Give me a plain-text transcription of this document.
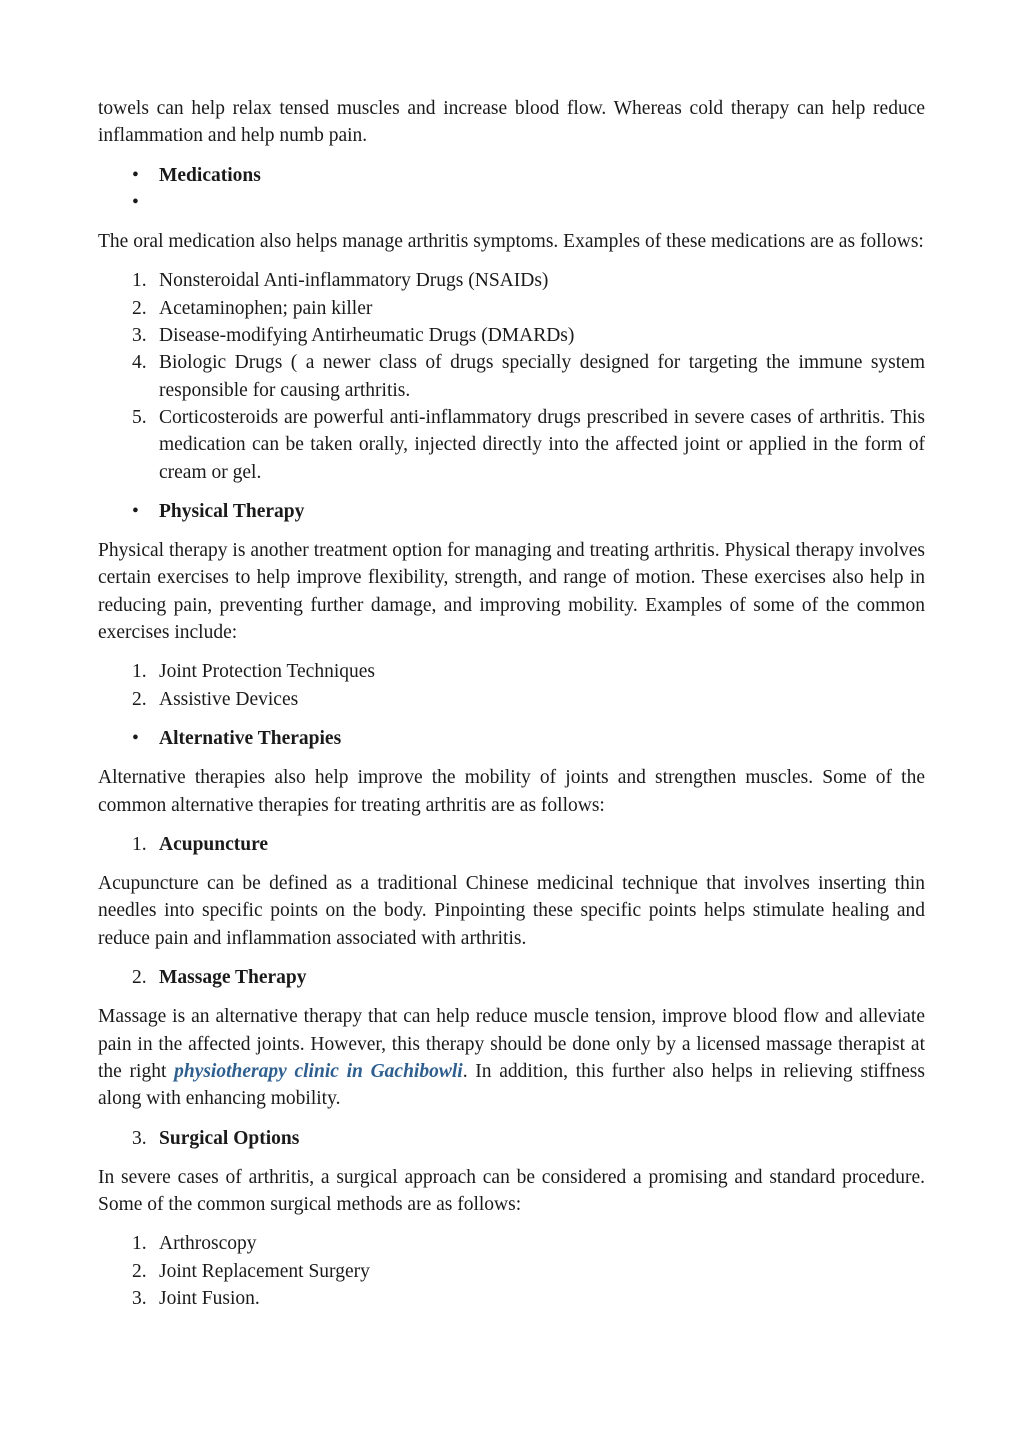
towels can help relax tensed muscles and increase blood flow. Whereas cold therapy can help reduce inflammation and help numb pain.

• Medications
•

The oral medication also helps manage arthritis symptoms. Examples of these medications are as follows:

1. Nonsteroidal Anti-inflammatory Drugs (NSAIDs)
2. Acetaminophen; pain killer
3. Disease-modifying Antirheumatic Drugs (DMARDs)
4. Biologic Drugs ( a newer class of drugs specially designed for targeting the immune system responsible for causing arthritis.
5. Corticosteroids are powerful anti-inflammatory drugs prescribed in severe cases of arthritis. This medication can be taken orally, injected directly into the affected joint or applied in the form of cream or gel.
• Physical Therapy

Physical therapy is another treatment option for managing and treating arthritis. Physical therapy involves certain exercises to help improve flexibility, strength, and range of motion. These exercises also help in reducing pain, preventing further damage, and improving mobility. Examples of some of the common exercises include:

1. Joint Protection Techniques
2. Assistive Devices
• Alternative Therapies

Alternative therapies also help improve the mobility of joints and strengthen muscles. Some of the common alternative therapies for treating arthritis are as follows:

1. Acupuncture

Acupuncture can be defined as a traditional Chinese medicinal technique that involves inserting thin needles into specific points on the body. Pinpointing these specific points helps stimulate healing and reduce pain and inflammation associated with arthritis.

2. Massage Therapy

Massage is an alternative therapy that can help reduce muscle tension, improve blood flow and alleviate pain in the affected joints. However, this therapy should be done only by a licensed massage therapist at the right physiotherapy clinic in Gachibowli. In addition, this further also helps in relieving stiffness along with enhancing mobility.

3. Surgical Options

In severe cases of arthritis, a surgical approach can be considered a promising and standard procedure. Some of the common surgical methods are as follows:

1. Arthroscopy
2. Joint Replacement Surgery
3. Joint Fusion.
